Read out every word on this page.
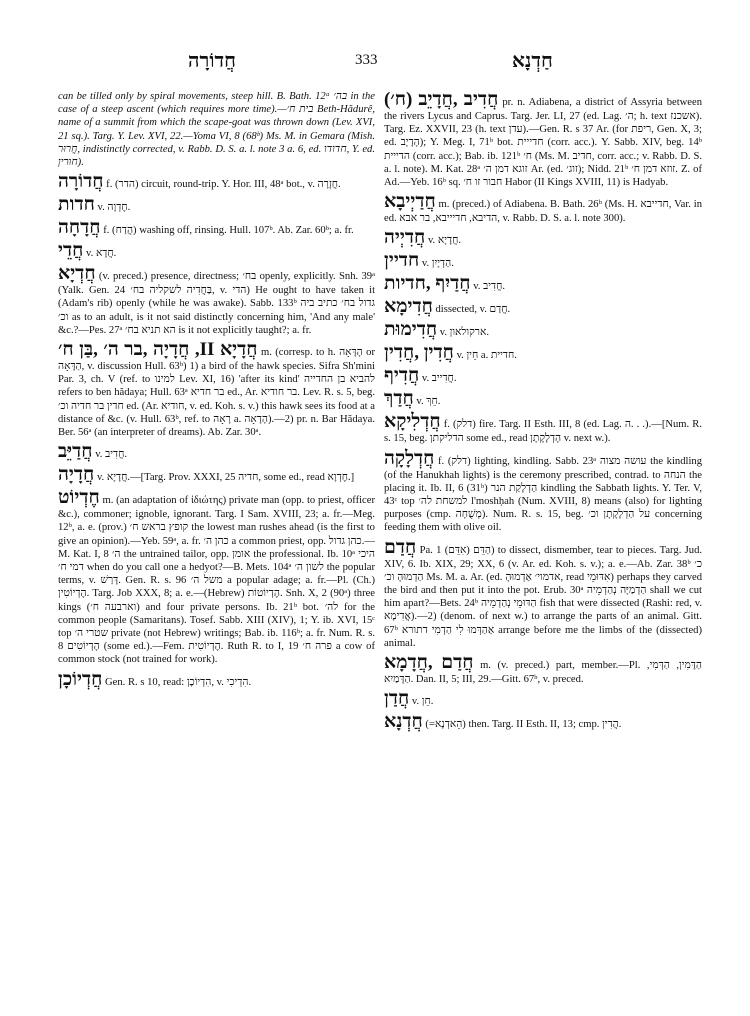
חֲדוֹרָה	333	חַדְנָא
can be tilled only by spiral movements, steep hill. B. Bath. 12ᵃ בה׳ in the case of a steep ascent (which requires more time).—בית ח׳ Beth-Hădurê, name of a summit from which the scape-goat was thrown down (Lev. XVI, 21 sq.). Targ. Y. Lev. XVI, 22.—Yoma VI, 8 (68ᵇ) Ms. M. in Gemara (Mish. חֲרוּר, indistinctly corrected, v. Rabb. D. S. a. l. note 3 a. 6, ed. חדודו, Y. ed. חוּרין).
חֲדוֹרָה f. (הדר) circuit, round-trip. Y. Hor. III, 48ᵃ bot., v. חֲזָרָה.
חדות v. חֶדְוָה.
חֲדָחָה f. (הֲדַח) washing off, rinsing. Hull. 107ᵇ. Ab. Zar. 60ᵇ; a. fr.
חֲדֵי v. חֲדָא.
חֲדְיָא (v. preced.) presence, directness; בח׳ openly, explicitly. Snh. 39ᵃ (Yalk. Gen. 24 בַּחֲדִיה לשקליה בח׳, v. הדי) He ought to have taken it (Adam's rib) openly (while he was awake). Sabb. 133ᵇ גדול בח׳ כתיב ביה וכ׳ as to an adult, is it not said distinctly concerning him, 'And any male' &c.?—Pes. 27ᵃ הא תניא בח׳ is it not explicitly taught?; a. fr.
חֲדָיָא II, חֲדָיָה ,בר ה׳ ,בַּן ח׳ m. (corresp. to h. הָדָּאָה or הַדָּאָה, v. discussion Hull. 63ᵇ) 1) a bird of the hawk species. Sifra Sh'mini Par. 3, ch. V (ref. to למינו Lev. XI, 16) 'after its kind' להביא בן החדייה refers to ben hădaya; Hull. 63ᵃ בר חדיא ed., Ar. בר חודיא. Lev. R. s. 5, beg. חדין בר חדיה וכ׳ ed. (Ar. חודיא, v. ed. Koh. s. v.) this hawk sees its food at a distance of &c. (v. Hull. 63ᵇ, ref. to רָאָה a. הָדָאָה).—2) pr. n. Bar Hădaya. Ber. 56ᵃ (an interpreter of dreams). Ab. Zar. 30ᵃ.
חֲדַיֵּב v. חֲדִיב.
חֲדָיָה v. חֲדָיָא.—[Targ. Prov. XXXI, 25 חדיה, some ed., read חֶדְוָא.]
חֶדְיוֹט m. (an adaptation of ἰδιώτης) private man (opp. to priest, officer &c.), commoner; ignoble, ignorant. Targ. I Sam. XVIII, 23; a. fr.—Meg. 12ᵇ, a. e. (prov.) קופץ בראש ח׳ the lowest man rushes ahead (is the first to give an opinion).—Yeb. 59ᵃ, a. fr. כהן ה׳ a common priest, opp. כהן גדול.—M. Kat. I, 8 ה׳ the untrained tailor, opp. אומן the professional. Ib. 10ᵃ היכי דמי ח׳ when do you call one a hedyot?—B. Mets. 104ᵃ לשון ה׳ the popular terms, v. דָּרַשׁ. Gen. R. s. 96 משל ה׳ a popular adage; a. fr.—Pl. (Ch.) הֶדְיוֹטִין. Targ. Job XXX, 8; a. e.—(Hebrew) הֶדְיוֹטוֹת. Snh. X, 2 (90ᵃ) three kings (וארבעה ח׳) and four private persons. Ib. 21ᵇ bot. לה׳ for the common people (Samaritans). Tosef. Sabb. XIII (XIV), 1; Y. ib. XVI, 15ᶜ top שטרי ה׳ private (not Hebrew) writings; Bab. ib. 116ᵇ; a. fr. Num. R. s. 8 הֶדְיוֹטִים (some ed.).—Fem. הֶדְיוֹטִית. Ruth R. to I, 19 פרה ח׳ a cow of common stock (not trained for work).
חֲדְיוֹכָן Gen. R. s 10, read: הִדְיוֹכָן, v. הִדְיכִי.
חֲדִיב ,חֲדָיֵב (ח׳) pr. n. Adiabena, a district of Assyria between the rivers Lycus and Caprus. Targ. Jer. LI, 27 (ed. Lag. ה׳; h. text אשכנז). Targ. Ez. XXVII, 23 (h. text עדן).—Gen. R. s 37 Ar. (for ריפת, Gen. X, 3; ed. הָדָיָב); Y. Meg. I, 71ᵇ bot. חדייית (corr. acc.). Y. Sabb. XIV, beg. 14ᵇ הדייית (corr. acc.); Bab. ib. 121ᵇ ח׳ (Ms. M. חדיב, corr. acc.; v. Rabb. D. S. a. l. note). M. Kat. 28ᵃ זוגא דמן ה׳ Ar. (ed. זוג׳); Nidd. 21ᵇ זוזא דמן ח׳. Z. of Ad.—Yeb. 16ᵇ sq. חבור זו ח׳ Habor (II Kings XVIII, 11) is Hadyab.
חֲדַיְיבָא m. (preced.) of Adiabena. B. Bath. 26ᵇ (Ms. H. חדייבא, Var. in ed. הדיבא, חדיייבא, בר אבא, v. Rabb. D. S. a. l. note 300).
חֲדִיְיה v. חֲדָיָא.
חדיין v. הַדְיָיִן.
חֲדַיִף ,חדיות v. חֲדִיב.
חֲדִימָא dissected, v. חֲדַם.
חֲדִימוּת v. ארקולאון.
חֲדִין ,חֲדִין v. חֵין a. חדיית.
חֲדִיף v. חֲדִייב.
חֲדַךְ v. חֵךְ.
חֲדְלִיקָא f. (דלק) fire. Targ. II Esth. III, 8 (ed. Lag. ה. . .).—[Num. R. s. 15, beg. הדליקתן some ed., read הָדְלָקָתָן v. next w.).
חֲדְלָקָה f. (דלק) lighting, kindling. Sabb. 23ᵃ עושה מצוה the kindling (of the Hanukhah lights) is the ceremony prescribed, contrad. to הנחה the placing it. Ib. II, 6 (31ᵇ) הַדְלָקַת הנר kindling the Sabbath lights. Y. Ter. V, 43ᶜ top למשחת לה׳ l'moshḥah (Num. XVIII, 8) means (also) for lighting purposes (cmp. מְשֻׁחָה). Num. R. s. 15, beg. על הַדְלָקָתָן וכ׳ concerning feeding them with olive oil.
חֲדַם Pa. הַדֵּם (אִדֵּם) 1) to dissect, dismember, tear to pieces. Targ. Jud. XIV, 6. Ib. XIX, 29; XX, 6 (v. Ar. ed. Koh. s. v.); a. e.—Ab. Zar. 38ᵇ כ׳ הַדְמוּהָ וכ׳ Ms. M. a. Ar. (ed. אדמוי׳ אַדְמוּהָ, read אִדּוּמֵי) perhaps they carved the bird and then put it into the pot. Erub. 30ᵃ הַדְמַיָּה נְהַדְמֵיה shall we cut him apart?—Bets. 24ᵇ הַדּוּמֵי נְהַדְמֵיה fish that were dissected (Rashi: red, v. אֲדִימָא).—2) (denom. of next w.) to arrange the parts of an animal. Gitt. 67ᵇ אַהַדְּמוּ לִי הַדְמִי דתורא arrange before me the limbs of the (dissected) animal.
חֲדַם ,חֲדָמָא m. (v. preced.) part, member.—Pl. הַדָּמִין, הַדְּמִי, הַדָּמַיִא. Dan. II, 5; III, 29.—Gitt. 67ᵇ, v. preced.
חֲדַן v. חֵן.
חֲדְנָא (=הֵאדְנָא) then. Targ. II Esth. II, 13; cmp. הֲדִין.
